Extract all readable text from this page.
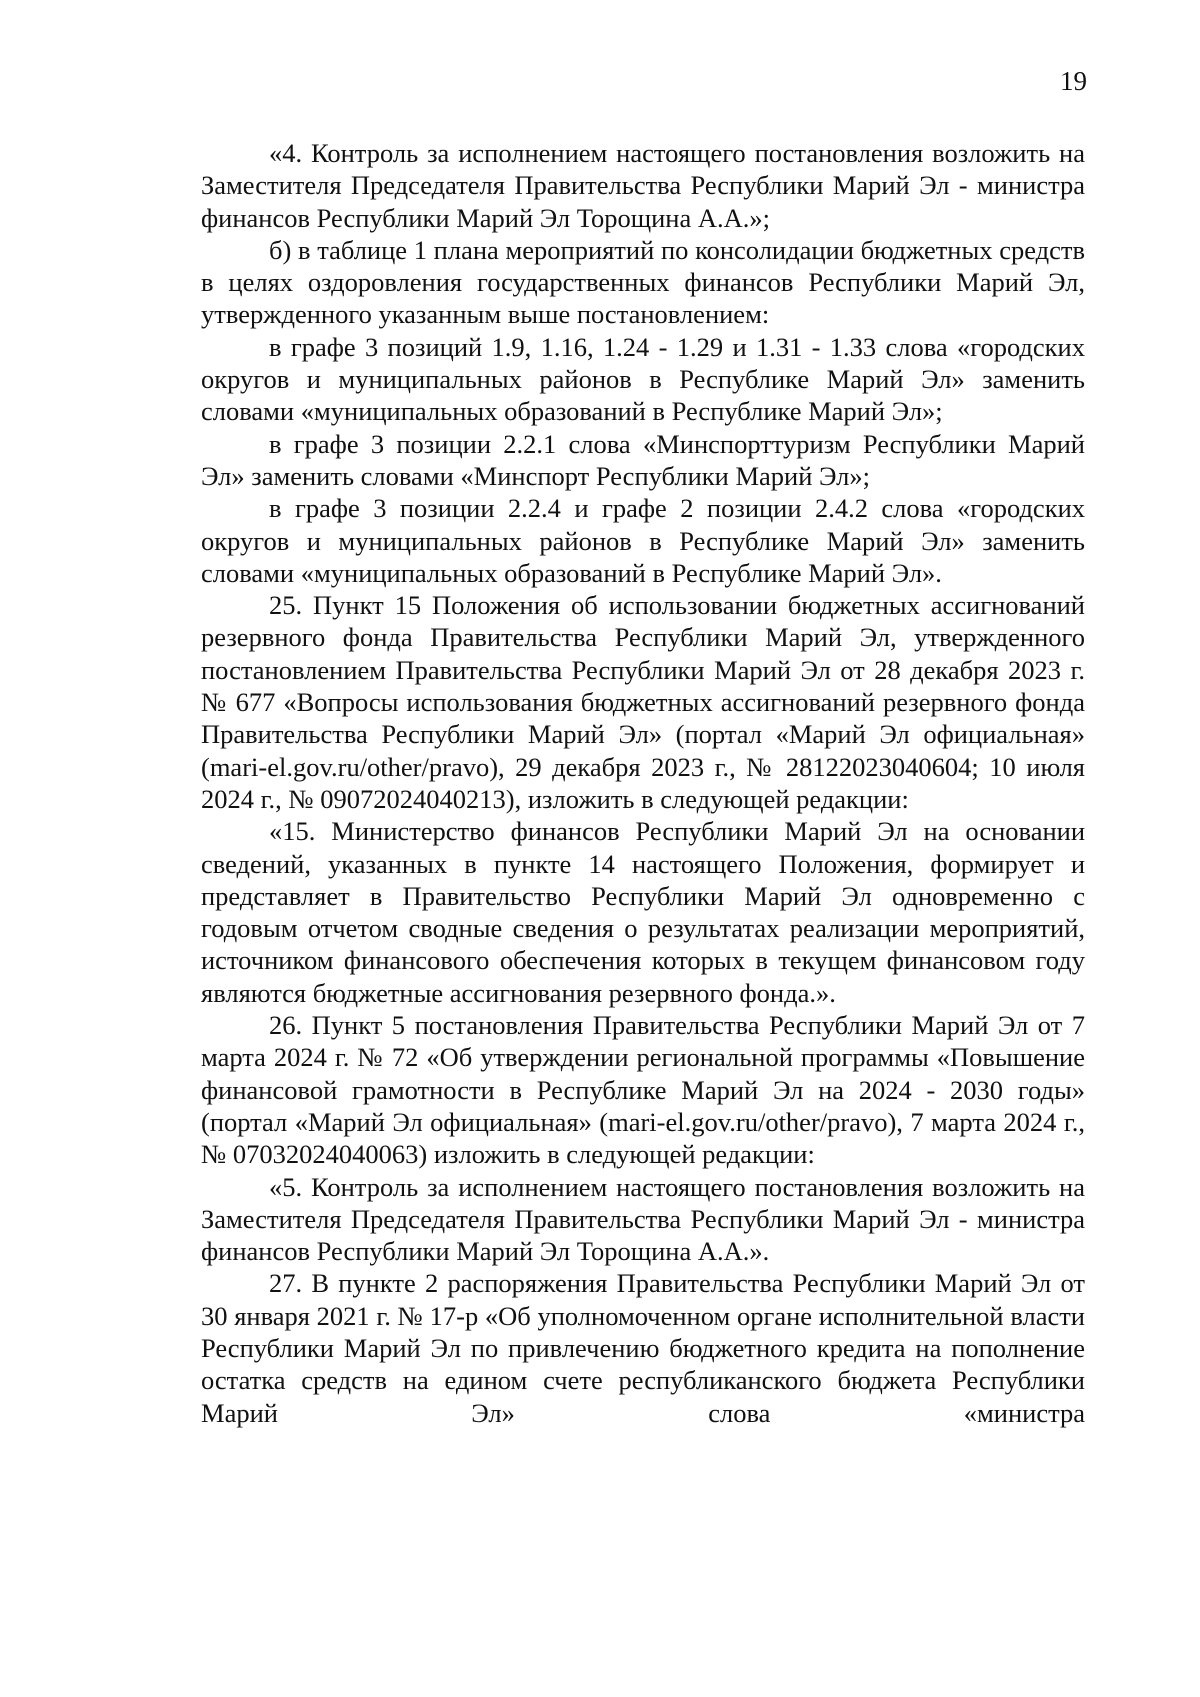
19

«4. Контроль за исполнением настоящего постановления возложить на Заместителя Председателя Правительства Республики Марий Эл - министра финансов Республики Марий Эл Торощина А.А.»;

б) в таблице 1 плана мероприятий по консолидации бюджетных средств в целях оздоровления государственных финансов Республики Марий Эл, утвержденного указанным выше постановлением:

в графе 3 позиций 1.9, 1.16, 1.24 - 1.29 и 1.31 - 1.33 слова «городских округов и муниципальных районов в Республике Марий Эл» заменить словами «муниципальных образований в Республике Марий Эл»;

в графе 3 позиции 2.2.1 слова «Минспорттуризм Республики Марий Эл» заменить словами «Минспорт Республики Марий Эл»;

в графе 3 позиции 2.2.4 и графе 2 позиции 2.4.2 слова «городских округов и муниципальных районов в Республике Марий Эл» заменить словами «муниципальных образований в Республике Марий Эл».

25. Пункт 15 Положения об использовании бюджетных ассигнований резервного фонда Правительства Республики Марий Эл, утвержденного постановлением Правительства Республики Марий Эл от 28 декабря 2023 г. № 677 «Вопросы использования бюджетных ассигнований резервного фонда Правительства Республики Марий Эл» (портал «Марий Эл официальная» (mari-el.gov.ru/other/pravo), 29 декабря 2023 г., № 28122023040604; 10 июля 2024 г., № 09072024040213), изложить в следующей редакции:

«15. Министерство финансов Республики Марий Эл на основании сведений, указанных в пункте 14 настоящего Положения, формирует и представляет в Правительство Республики Марий Эл одновременно с годовым отчетом сводные сведения о результатах реализации мероприятий, источником финансового обеспечения которых в текущем финансовом году являются бюджетные ассигнования резервного фонда.».

26. Пункт 5 постановления Правительства Республики Марий Эл от 7 марта 2024 г. № 72 «Об утверждении региональной программы «Повышение финансовой грамотности в Республике Марий Эл на 2024 - 2030 годы» (портал «Марий Эл официальная» (mari-el.gov.ru/other/pravo), 7 марта 2024 г., № 07032024040063) изложить в следующей редакции:

«5. Контроль за исполнением настоящего постановления возложить на Заместителя Председателя Правительства Республики Марий Эл - министра финансов Республики Марий Эл Торощина А.А.».

27. В пункте 2 распоряжения Правительства Республики Марий Эл от 30 января 2021 г. № 17-р «Об уполномоченном органе исполнительной власти Республики Марий Эл по привлечению бюджетного кредита на пополнение остатка средств на едином счете республиканского бюджета Республики Марий Эл» слова «министра
